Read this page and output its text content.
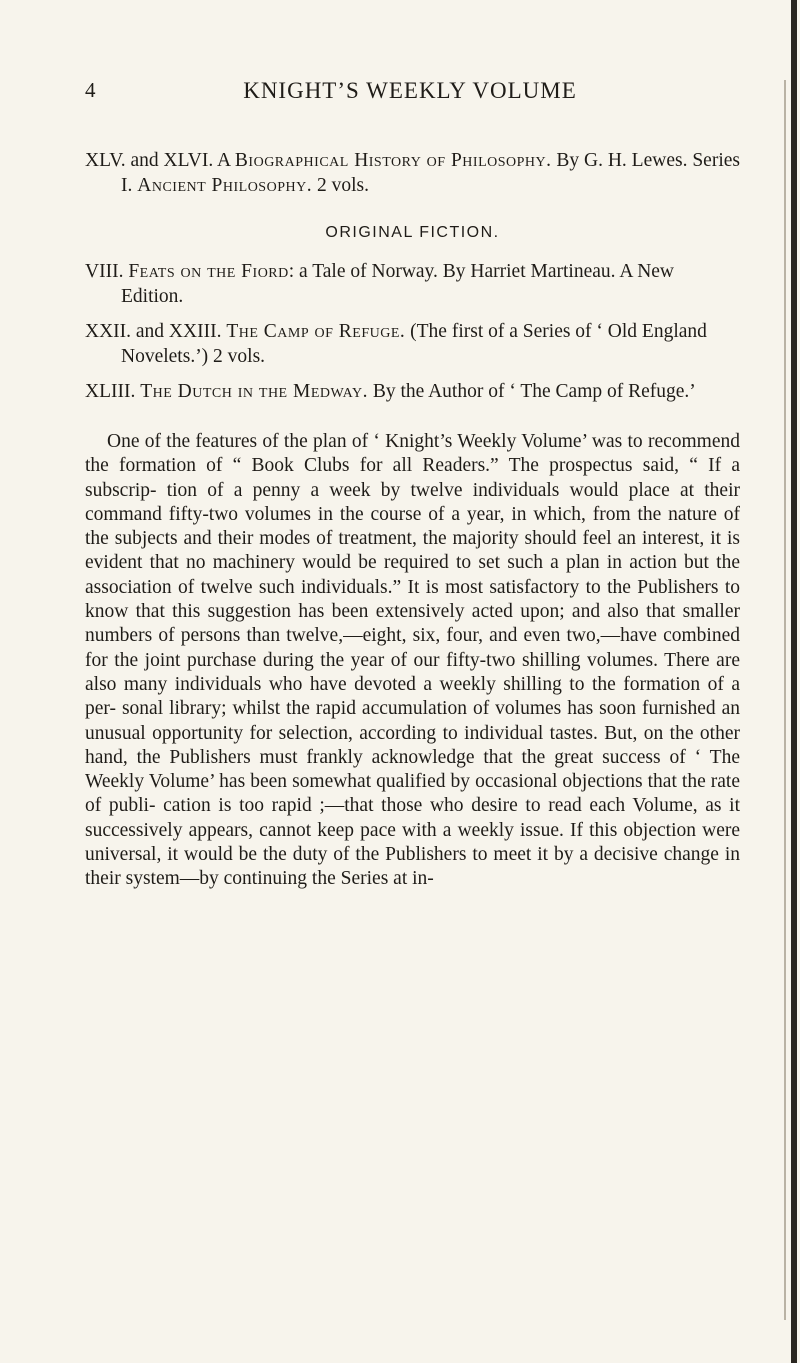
4	KNIGHT’S WEEKLY VOLUME

XLV. and XLVI. A Biographical History of Philosophy. By G. H. Lewes. Series I. Ancient Philosophy. 2 vols.

ORIGINAL FICTION.

VIII. Feats on the Fiord: a Tale of Norway. By Harriet Martineau. A New Edition.

XXII. and XXIII. The Camp of Refuge. (The first of a Series of ‘ Old England Novelets.’) 2 vols.

XLIII. The Dutch in the Medway. By the Author of ‘ The Camp of Refuge.’

One of the features of the plan of ‘ Knight’s Weekly Volume’ was to recommend the formation of “ Book Clubs for all Readers.” The prospectus said, “ If a subscrip- tion of a penny a week by twelve individuals would place at their command fifty-two volumes in the course of a year, in which, from the nature of the subjects and their modes of treatment, the majority should feel an interest, it is evident that no machinery would be required to set such a plan in action but the association of twelve such individuals.” It is most satisfactory to the Publishers to know that this suggestion has been extensively acted upon; and also that smaller numbers of persons than twelve,—eight, six, four, and even two,—have combined for the joint purchase during the year of our fifty-two shilling volumes. There are also many individuals who have devoted a weekly shilling to the formation of a per- sonal library; whilst the rapid accumulation of volumes has soon furnished an unusual opportunity for selection, according to individual tastes. But, on the other hand, the Publishers must frankly acknowledge that the great success of ‘ The Weekly Volume’ has been somewhat qualified by occasional objections that the rate of publi- cation is too rapid ;—that those who desire to read each Volume, as it successively appears, cannot keep pace with a weekly issue. If this objection were universal, it would be the duty of the Publishers to meet it by a decisive change in their system—by continuing the Series at in-
